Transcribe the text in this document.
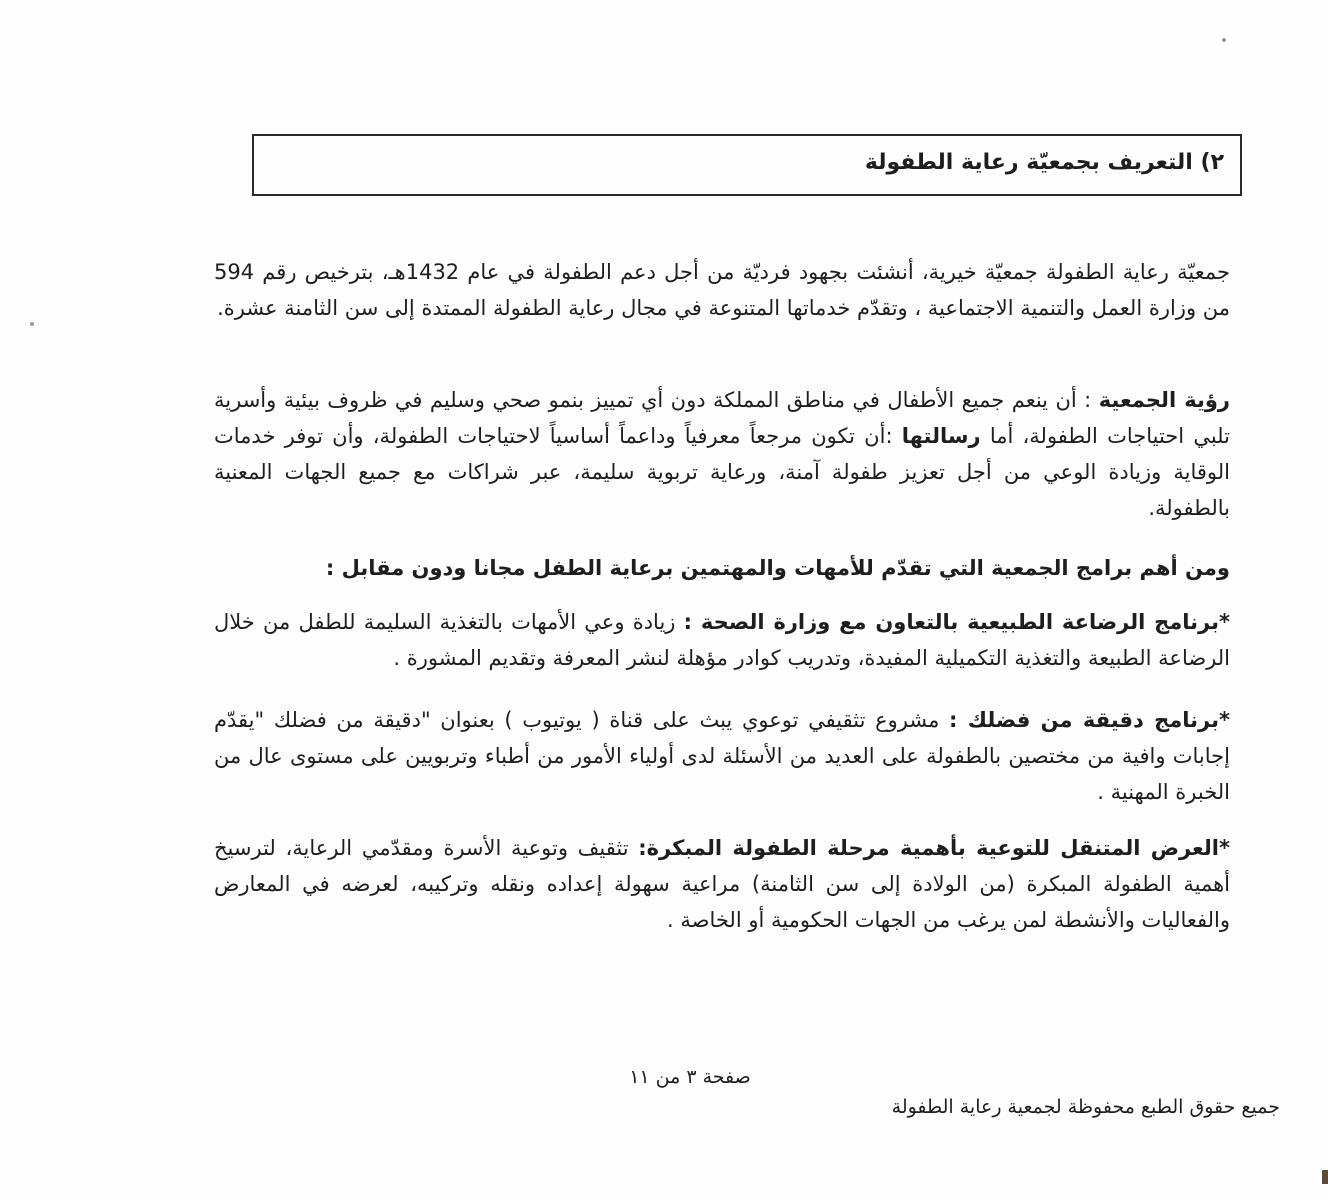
٢) التعريف بجمعيّة رعاية الطفولة

جمعيّة رعاية الطفولة جمعيّة خيرية، أنشئت بجهود فرديّة من أجل دعم الطفولة في عام 1432هـ، بترخيص رقم 594 من وزارة العمل والتنمية الاجتماعية ، وتقدّم خدماتها المتنوعة في مجال رعاية الطفولة الممتدة إلى سن الثامنة عشرة.

رؤية الجمعية : أن ينعم جميع الأطفال في مناطق المملكة دون أي تمييز بنمو صحي وسليم في ظروف بيئية وأسرية تلبي احتياجات الطفولة، أما رسالتها :أن تكون مرجعاً معرفياً وداعماً أساسياً لاحتياجات الطفولة، وأن توفر خدمات الوقاية وزيادة الوعي من أجل تعزيز طفولة آمنة، ورعاية تربوية سليمة، عبر شراكات مع جميع الجهات المعنية بالطفولة.

ومن أهم برامج الجمعية التي تقدّم للأمهات والمهتمين برعاية الطفل مجانا ودون مقابل :

*برنامج الرضاعة الطبيعية بالتعاون مع وزارة الصحة : زيادة وعي الأمهات بالتغذية السليمة للطفل من خلال الرضاعة الطبيعة والتغذية التكميلية المفيدة، وتدريب كوادر مؤهلة لنشر المعرفة وتقديم المشورة .

*برنامج دقيقة من فضلك : مشروع تثقيفي توعوي يبث على قناة ( يوتيوب ) بعنوان "دقيقة من فضلك "يقدّم إجابات وافية من مختصين بالطفولة على العديد من الأسئلة لدى أولياء الأمور من أطباء وتربويين على مستوى عال من الخبرة المهنية .

*العرض المتنقل للتوعية بأهمية مرحلة الطفولة المبكرة: تثقيف وتوعية الأسرة ومقدّمي الرعاية، لترسيخ أهمية الطفولة المبكرة (من الولادة إلى سن الثامنة) مراعية سهولة إعداده ونقله وتركيبه، لعرضه في المعارض والفعاليات والأنشطة لمن يرغب من الجهات الحكومية أو الخاصة .

صفحة ٣ من ١١
جميع حقوق الطبع محفوظة لجمعية رعاية الطفولة
